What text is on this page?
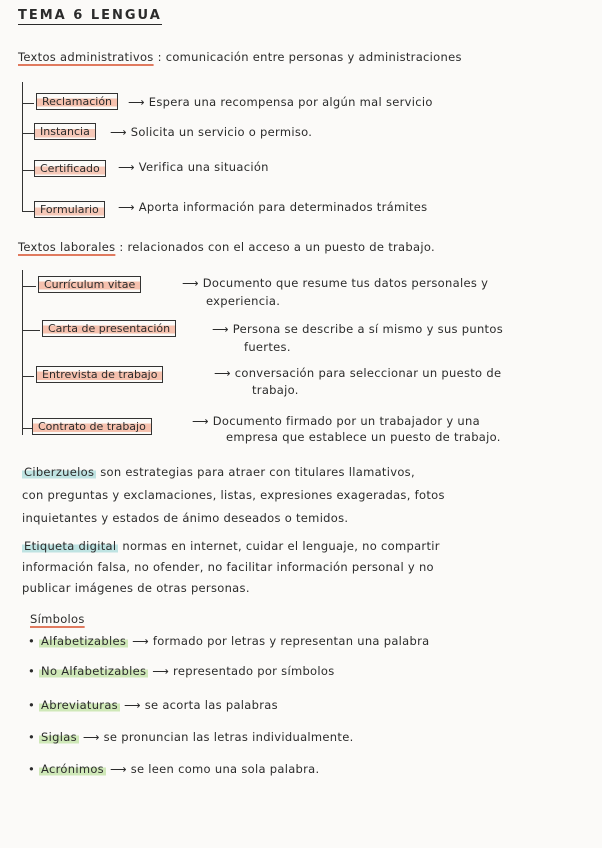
TEMA 6 LENGUA
Textos administrativos : comunicación entre personas y administraciones
Reclamación	⟶ Espera una recompensa por algún mal servicio
Instancia	⟶ Solicita un servicio o permiso.
Certificado	⟶ Verifica una situación
Formulario	⟶ Aporta información para determinados trámites
Textos laborales : relacionados con el acceso a un puesto de trabajo.
Currículum vitae	⟶ Documento que resume tus datos personales y
experiencia.
Carta de presentación	⟶ Persona se describe a sí mismo y sus puntos
fuertes.
Entrevista de trabajo	⟶ conversación para seleccionar un puesto de
trabajo.
Contrato de trabajo	⟶ Documento firmado por un trabajador y una
empresa que establece un puesto de trabajo.
Ciberzuelos son estrategias para atraer con titulares llamativos,
con preguntas y exclamaciones, listas, expresiones exageradas, fotos
inquietantes y estados de ánimo deseados o temidos.
Etiqueta digital normas en internet, cuidar el lenguaje, no compartir
información falsa, no ofender, no facilitar información personal y no
publicar imágenes de otras personas.
Símbolos
• Alfabetizables ⟶ formado por letras y representan una palabra
• No Alfabetizables ⟶ representado por símbolos
• Abreviaturas ⟶ se acorta las palabras
• Siglas ⟶ se pronuncian las letras individualmente.
• Acrónimos ⟶ se leen como una sola palabra.
